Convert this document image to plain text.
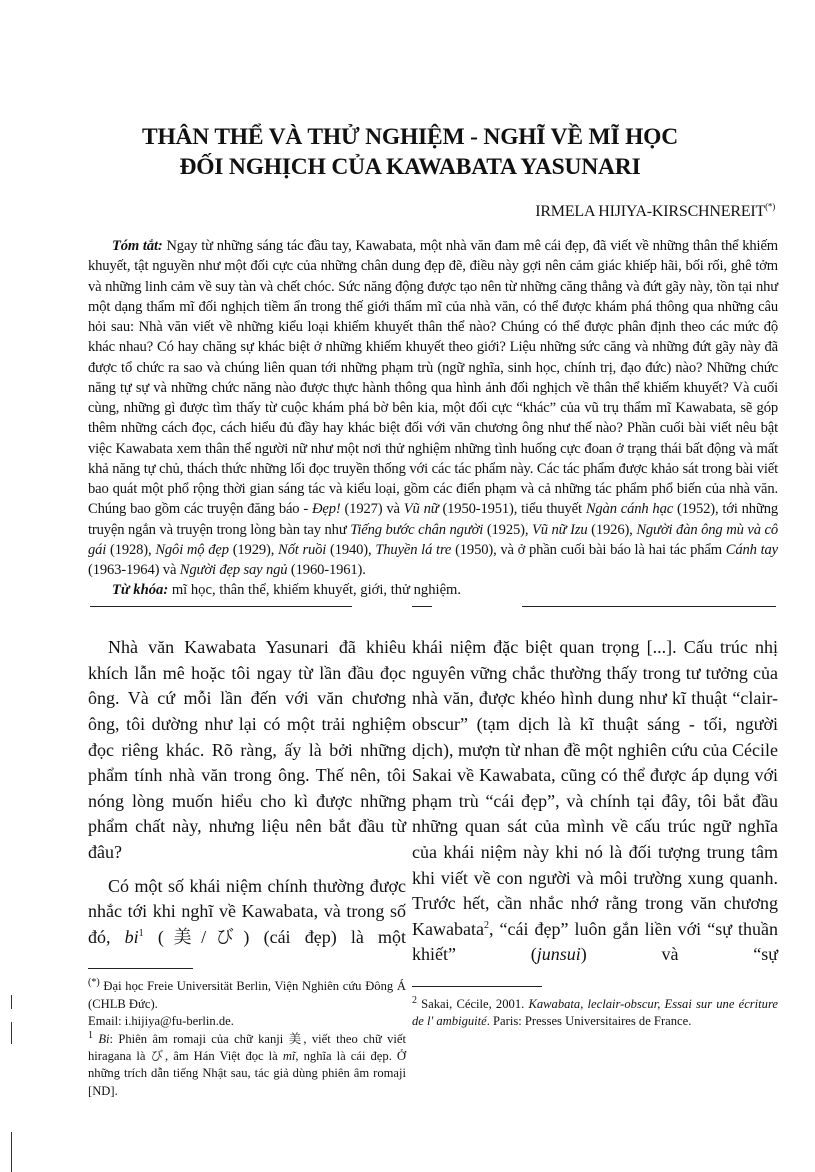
THÂN THỂ VÀ THỬ NGHIỆM - NGHĨ VỀ MĨ HỌC
ĐỐI NGHỊCH CỦA KAWABATA YASUNARI
IRMELA HIJIYA-KIRSCHNEREIT(*)
Tóm tắt: Ngay từ những sáng tác đầu tay, Kawabata, một nhà văn đam mê cái đẹp, đã viết về những thân thể khiếm khuyết, tật nguyền như một đối cực của những chân dung đẹp đẽ, điều này gợi nên cảm giác khiếp hãi, bối rối, ghê tởm và những linh cảm về suy tàn và chết chóc. Sức năng động được tạo nên từ những căng thẳng và đứt gãy này, tồn tại như một dạng thẩm mĩ đối nghịch tiềm ẩn trong thế giới thẩm mĩ của nhà văn, có thể được khám phá thông qua những câu hỏi sau: Nhà văn viết về những kiểu loại khiếm khuyết thân thể nào? Chúng có thể được phân định theo các mức độ khác nhau? Có hay chăng sự khác biệt ở những khiếm khuyết theo giới? Liệu những sức căng và những đứt gãy này đã được tổ chức ra sao và chúng liên quan tới những phạm trù (ngữ nghĩa, sinh học, chính trị, đạo đức) nào? Những chức năng tự sự và những chức năng nào được thực hành thông qua hình ảnh đối nghịch về thân thể khiếm khuyết? Và cuối cùng, những gì được tìm thấy từ cuộc khám phá bờ bên kia, một đối cực “khác” của vũ trụ thẩm mĩ Kawabata, sẽ góp thêm những cách đọc, cách hiểu đủ đầy hay khác biệt đối với văn chương ông như thế nào? Phần cuối bài viết nêu bật việc Kawabata xem thân thể người nữ như một nơi thử nghiệm những tình huống cực đoan ở trạng thái bất động và mất khả năng tự chủ, thách thức những lối đọc truyền thống với các tác phẩm này. Các tác phẩm được khảo sát trong bài viết bao quát một phổ rộng thời gian sáng tác và kiểu loại, gồm các điển phạm và cả những tác phẩm phổ biến của nhà văn. Chúng bao gồm các truyện đăng báo - Đẹp! (1927) và Vũ nữ (1950-1951), tiểu thuyết Ngàn cánh hạc (1952), tới những truyện ngắn và truyện trong lòng bàn tay như Tiếng bước chân người (1925), Vũ nữ Izu (1926), Người đàn ông mù và cô gái (1928), Ngôi mộ đẹp (1929), Nốt ruồi (1940), Thuyền lá tre (1950), và ở phần cuối bài báo là hai tác phẩm Cánh tay (1963-1964) và Người đẹp say ngủ (1960-1961).
Từ khóa: mĩ học, thân thể, khiếm khuyết, giới, thử nghiệm.

Nhà văn Kawabata Yasunari đã khiêu khích lẫn mê hoặc tôi ngay từ lần đầu đọc ông. Và cứ mỗi lần đến với văn chương ông, tôi dường như lại có một trải nghiệm đọc riêng khác. Rõ ràng, ấy là bởi những phẩm tính nhà văn trong ông. Thế nên, tôi nóng lòng muốn hiểu cho kì được những phẩm chất này, nhưng liệu nên bắt đầu từ đâu?

Có một số khái niệm chính thường được nhắc tới khi nghĩ về Kawabata, và trong số đó, $bi^1$ (美/び) (cái đẹp) là một

(*) Đại học Freie Universität Berlin, Viện Nghiên cứu Đông Á (CHLB Đức).
Email: i.hijiya@fu-berlin.de.
$^1$ Bi: Phiên âm romaji của chữ kanji 美, viết theo chữ viết hiragana là び, âm Hán Việt đọc là mĩ, nghĩa là cái đẹp. Ở những trích dẫn tiếng Nhật sau, tác giả dùng phiên âm romaji [ND].

khái niệm đặc biệt quan trọng [...]. Cấu trúc nhị nguyên vững chắc thường thấy trong tư tưởng của nhà văn, được khéo hình dung như kĩ thuật “clair-obscur” (tạm dịch là kĩ thuật sáng - tối, người dịch), mượn từ nhan đề một nghiên cứu của Cécile Sakai về Kawabata, cũng có thể được áp dụng với phạm trù “cái đẹp”, và chính tại đây, tôi bắt đầu những quan sát của mình về cấu trúc ngữ nghĩa của khái niệm này khi nó là đối tượng trung tâm khi viết về con người và môi trường xung quanh. Trước hết, cần nhắc nhớ rằng trong văn chương Kawabata$^2$, “cái đẹp” luôn gắn liền với “sự thuần khiết” (junsui) và “sự

$^2$ Sakai, Cécile, 2001. Kawabata, leclair-obscur, Essai sur une écriture de l' ambiguité. Paris: Presses Universitaires de France.
